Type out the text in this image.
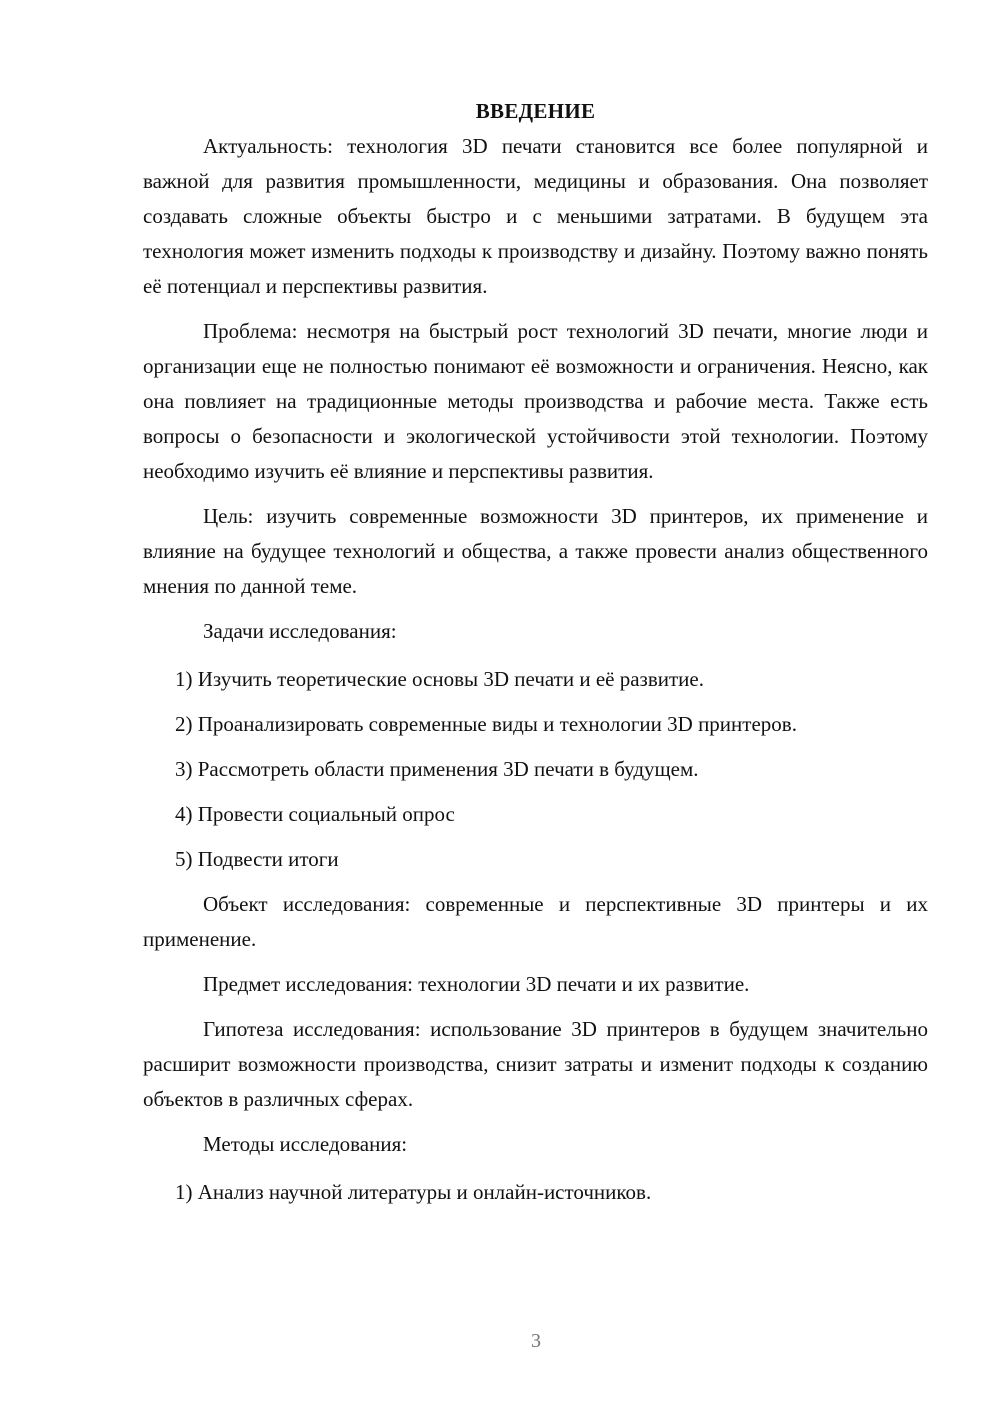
ВВЕДЕНИЕ

Актуальность: технология 3D печати становится все более популярной и важной для развития промышленности, медицины и образования. Она позволяет создавать сложные объекты быстро и с меньшими затратами. В будущем эта технология может изменить подходы к производству и дизайну. Поэтому важно понять её потенциал и перспективы развития.

Проблема: несмотря на быстрый рост технологий 3D печати, многие люди и организации еще не полностью понимают её возможности и ограничения. Неясно, как она повлияет на традиционные методы производства и рабочие места. Также есть вопросы о безопасности и экологической устойчивости этой технологии. Поэтому необходимо изучить её влияние и перспективы развития.

Цель: изучить современные возможности 3D принтеров, их применение и влияние на будущее технологий и общества, а также провести анализ общественного мнения по данной теме.

Задачи исследования:

1) Изучить теоретические основы 3D печати и её развитие.

2) Проанализировать современные виды и технологии 3D принтеров.

3) Рассмотреть области применения 3D печати в будущем.

4) Провести социальный опрос

5) Подвести итоги

Объект исследования: современные и перспективные 3D принтеры и их применение.

Предмет исследования: технологии 3D печати и их развитие.

Гипотеза исследования: использование 3D принтеров в будущем значительно расширит возможности производства, снизит затраты и изменит подходы к созданию объектов в различных сферах.

Методы исследования:

1) Анализ научной литературы и онлайн-источников.

3
